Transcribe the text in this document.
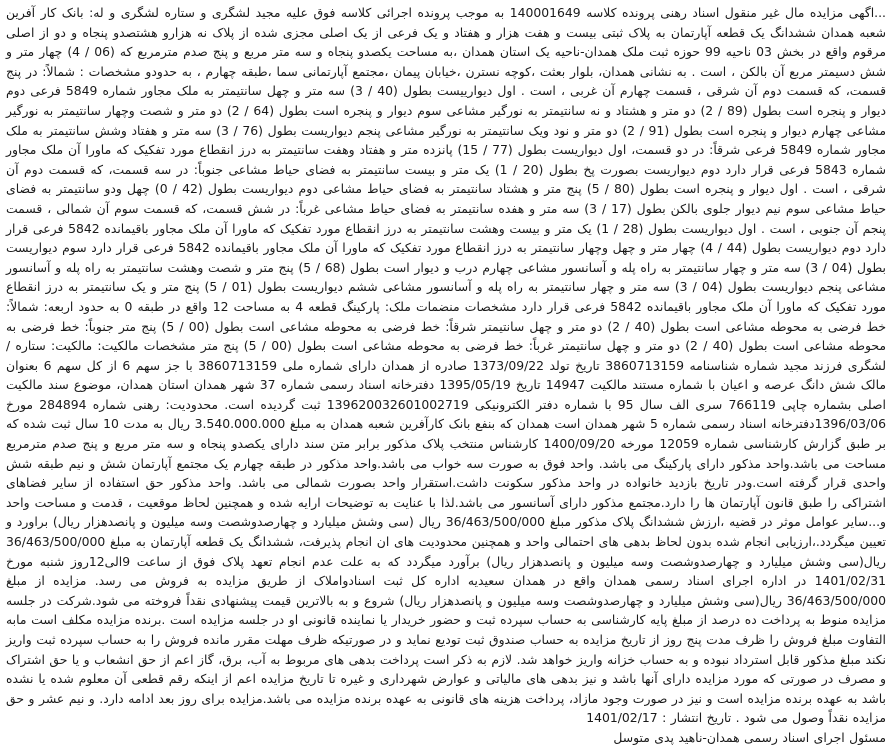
...اگهی مزایده مال غیر منقول اسناد رهنی پرونده کلاسه 140001649 به موجب پرونده اجرائی کلاسه فوق علیه مجید لشگری و ستاره لشگری و له: بانک کار آفرین شعبه همدان ششدانگ یک قطعه آپارتمان به پلاک ثبتی بیست و هفت هزار و هفتاد و یک فرعی از یک اصلی مجزی شده از پلاک نه هزارو هشتصدو پنجاه و دو از اصلی مرقوم واقع در بخش 03 ناحیه 99 حوزه ثبت ملک همدان-ناحیه یک استان همدان ،به مساحت یکصدو پنجاه و سه متر مربع و پنج صدم مترمربع که (06 / 4) چهار متر و شش دسیمتر مربع آن بالکن ، است . به نشانی همدان، بلوار بعثت ،کوچه نسترن ،خیابان پیمان ،مجتمع آپارتمانی سما ،طبقه چهارم ، به حدودو مشخصات : شمالاً: در پنج قسمت، که قسمت دوم آن شرقی ، قسمت چهارم آن غربی ، است . اول دیوارییست بطول (40 / 3) سه متر و چهل سانتیمتر به ملک مجاور شماره 5849 فرعی دوم دیوار و پنجره است بطول (89 / 2) دو متر و هشتاد و نه سانتیمتر به نورگیر مشاعی سوم دیوار و پنجره است بطول (64 / 2) دو متر و شصت وچهار سانتیمتر به نورگیر مشاعی چهارم دیوار و پنجره است بطول (91 / 2) دو متر و نود ویک سانتیمتر به نورگیر مشاعی پنجم دیواریست بطول (76 / 3) سه متر و هفتاد وشش سانتیمتر به ملک مجاور شماره 5849 فرعی شرقاً: در دو قسمت، اول دیواریست بطول (77 / 15) پانزده متر و هفتاد وهفت سانتیمتر به درز انقطاع مورد تفکیک که ماورا آن ملک مجاور شماره 5843 فرعی قرار دارد دوم دیواریست بصورت پخ بطول (20 / 1) یک متر و بیست سانتیمتر به فضای حیاط مشاعی جنوباً: در سه قسمت، که قسمت دوم آن شرقی ، است . اول دیوار و پنجره است بطول (80 / 5) پنج متر و هشتاد سانتیمتر به فضای حیاط مشاعی دوم دیواریست بطول (42 / 0) چهل ودو سانتیمتر به فضای حیاط مشاعی سوم نیم دیوار جلوی بالکن بطول (17 / 3) سه متر و هفده سانتیمتر به فضای حیاط مشاعی غرباً: در شش قسمت، که قسمت سوم آن شمالی ، قسمت پنجم آن جنوبی ، است . اول دیواریست بطول (28 / 1) یک متر و بیست وهشت سانتیمتر به درز انقطاع مورد تفکیک که ماورا آن ملک مجاور باقیمانده 5842 فرعی قرار دارد دوم دیواریست بطول (44 / 4) چهار متر و چهل وچهار سانتیمتر به درز انقطاع مورد تفکیک که ماورا آن ملک مجاور باقیمانده 5842 فرعی قرار دارد سوم دیواریست بطول (04 / 3) سه متر و چهار سانتیمتر به راه پله و آسانسور مشاعی چهارم درب و دیوار است بطول (68 / 5) پنج متر و شصت وهشت سانتیمتر به راه پله و آسانسور مشاعی پنجم دیواریست بطول (04 / 3) سه متر و چهار سانتیمتر به راه پله و آسانسور مشاعی ششم دیواریست بطول (01 / 5) پنج متر و یک سانتیمتر به درز انقطاع مورد تفکیک که ماورا آن ملک مجاور باقیمانده 5842 فرعی قرار دارد مشخصات منضمات ملک: پارکینگ قطعه 4 به مساحت 12 واقع در طبقه 0 به حدود اربعه: شمالاً: خط فرضی به محوطه مشاعی است بطول (40 / 2) دو متر و چهل سانتیمتر شرقاً: خط فرضی به محوطه مشاعی است بطول (00 / 5) پنج متر جنوباً: خط فرضی به محوطه مشاعی است بطول (40 / 2) دو متر و چهل سانتیمتر غرباً: خط فرضی به محوطه مشاعی است بطول (00 / 5) پنج متر مشخصات مالکیت: مالکیت: ستاره / لشگری فرزند مجید شماره شناسنامه 3860713159 تاریخ تولد 1373/09/22 صادره از همدان دارای شماره ملی 3860713159 با جز سهم 6 از کل سهم 6 بعنوان مالک شش دانگ عرصه و اعیان با شماره مستند مالکیت 14947 تاریخ 1395/05/19 دفترخانه اسناد رسمی شماره 37 شهر همدان استان همدان، موضوع سند مالکیت اصلی بشماره چاپی 766119 سری الف سال 95 با شماره دفتر الکترونیکی 139620032601002719 ثبت گردیده است. محدودیت: رهنی شماره 284894 مورخ 1396/03/06دفترخانه اسناد رسمی شماره 5 شهر همدان است همدان که بنفع بانک کارآفرین شعبه همدان به مبلغ 3.540.000.000 ریال به مدت 10 سال ثبت شده که بر طبق گزارش کارشناسی شماره 12059 مورخه 1400/09/20 کارشناس منتخب پلاک مذکور برابر متن سند دارای یکصدو پنجاه و سه متر مربع و پنج صدم مترمربع مساحت می باشد.واحد مذکور دارای پارکینگ می باشد. واحد فوق به صورت سه خواب می باشد.واحد مذکور در طبقه چهارم یک مجتمع آپارتمان شش و نیم طبقه شش واحدی قرار گرفته است.ودر تاریخ بازدید خانواده در واحد مذکور سکونت داشت.استقرار واحد بصورت شمالی می باشد. واحد مذکور حق استفاده از سایر فضاهای اشتراکی را طبق قانون آپارتمان ها را دارد.مجتمع مذکور دارای آسانسور می باشد.لذا با عنایت به توضیحات ارایه شده و همچنین لحاظ موقعیت ، قدمت و مساحت واحد و...سایر عوامل موثر در قضیه ،ارزش ششدانگ پلاک مذکور مبلغ 36/463/500/000 ریال (سی وشش میلیارد و چهارصدوشصت وسه میلیون و پانصدهزار ریال) براورد و تعیین میگردد.،ارزیابی انجام شده بدون لحاظ بدهی های احتمالی واحد و همچنین محدودیت های ان انجام پذیرفت، ششدانگ یک قطعه آپارتمان به مبلغ 36/463/500/000 ریال(سی وشش میلیارد و چهارصدوشصت وسه میلیون و پانصدهزار ریال) برآورد میگردد که به علت عدم انجام تعهد پلاک فوق از ساعت 9الی12روز شنبه مورخ 1401/02/31 در اداره اجرای اسناد رسمی همدان واقع در همدان سعیدیه اداره کل ثبت اسنادواملاک از طریق مزایده به فروش می رسد. مزایده از مبلغ 36/463/500/000 ریال(سی وشش میلیارد و چهارصدوشصت وسه میلیون و پانصدهزار ریال) شروع و به بالاترین قیمت پیشنهادی نقداً فروخته می شود.شرکت در جلسه مزایده منوط به پرداخت ده درصد از مبلغ پایه کارشناسی به حساب سپرده ثبت و حضور خریدار یا نماینده قانونی او در جلسه مزایده است .برنده مزایده مکلف است مابه التفاوت مبلغ فروش را ظرف مدت پنج روز از تاریخ مزایده به حساب صندوق ثبت تودیع نماید و در صورتیکه ظرف مهلت مقرر مانده فروش را به حساب سپرده ثبت واریز نکند مبلغ مذکور قابل استرداد نبوده و به حساب خزانه واریز خواهد شد. لازم به ذکر است پرداخت بدهی های مربوط به آب، برق، گاز اعم از حق انشعاب و یا حق اشتراک و مصرف در صورتی که مورد مزایده دارای آنها باشد و نیز بدهی های مالیاتی و عوارض شهرداری و غیره تا تاریخ مزایده اعم از اینکه رقم قطعی آن معلوم شده یا نشده باشد به عهده برنده مزایده است و نیز در صورت وجود مازاد، پرداخت هزینه های قانونی به عهده برنده مزایده می باشد.مزایده برای روز بعد ادامه دارد. و نیم عشر و حق مزایده نقداً وصول می شود . تاریخ انتشار : 1401/02/17
مسئول اجرای اسناد رسمی همدان-ناهید پدی متوسل
